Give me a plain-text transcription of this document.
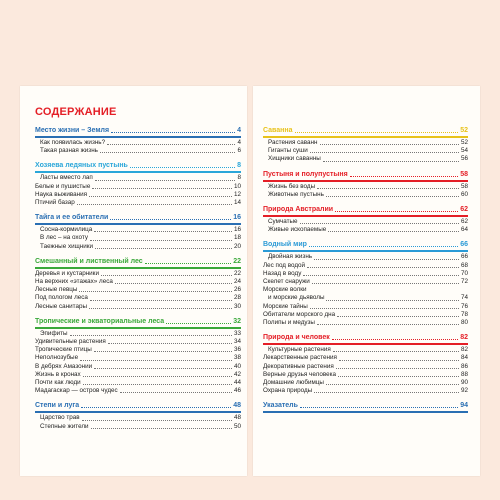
СОДЕРЖАНИЕ
Место жизни – Земля	4
Как появилась жизнь?	4
Такая разная жизнь	6
Хозяева ледяных пустынь	8
Ласты вместо лап	8
Белые и пушистые	10
Наука выживания	12
Птичий базар	14
Тайга и ее обитатели	16
Сосна-кормилица	16
В лес – на охоту	18
Таежные хищники	20
Смешанный и лиственный лес	22
Деревья и кустарники	22
На верхних «этажах» леса	24
Лесные певцы	26
Под пологом леса	28
Лесные санитары	30
Тропические и экваториальные леса	32
Эпифиты	33
Удивительные растения	34
Тропические птицы	36
Неполнозубые	38
В дебрях Амазонии	40
Жизнь в кронах	42
Почти как люди	44
Мадагаскар — остров чудес	46
Степи и луга	48
Царство трав	48
Степные жители	50
Саванна	52
Растения саванн	52
Гиганты суши	54
Хищники саванны	56
Пустыня и полупустыня	58
Жизнь без воды	58
Животные пустынь	60
Природа Австралии	62
Сумчатые	62
Живые ископаемые	64
Водный мир	66
Двойная жизнь	66
Лес под водой	68
Назад в воду	70
Скелет снаружи	72
Морские волки
и морские дьяволы	74
Морские тайны	76
Обитатели морского дна	78
Полипы и медузы	80
Природа и человек	82
Культурные растения	82
Лекарственные растения	84
Декоративные растения	86
Верные друзья человека	88
Домашние любимцы	90
Охрана природы	92
Указатель	94
